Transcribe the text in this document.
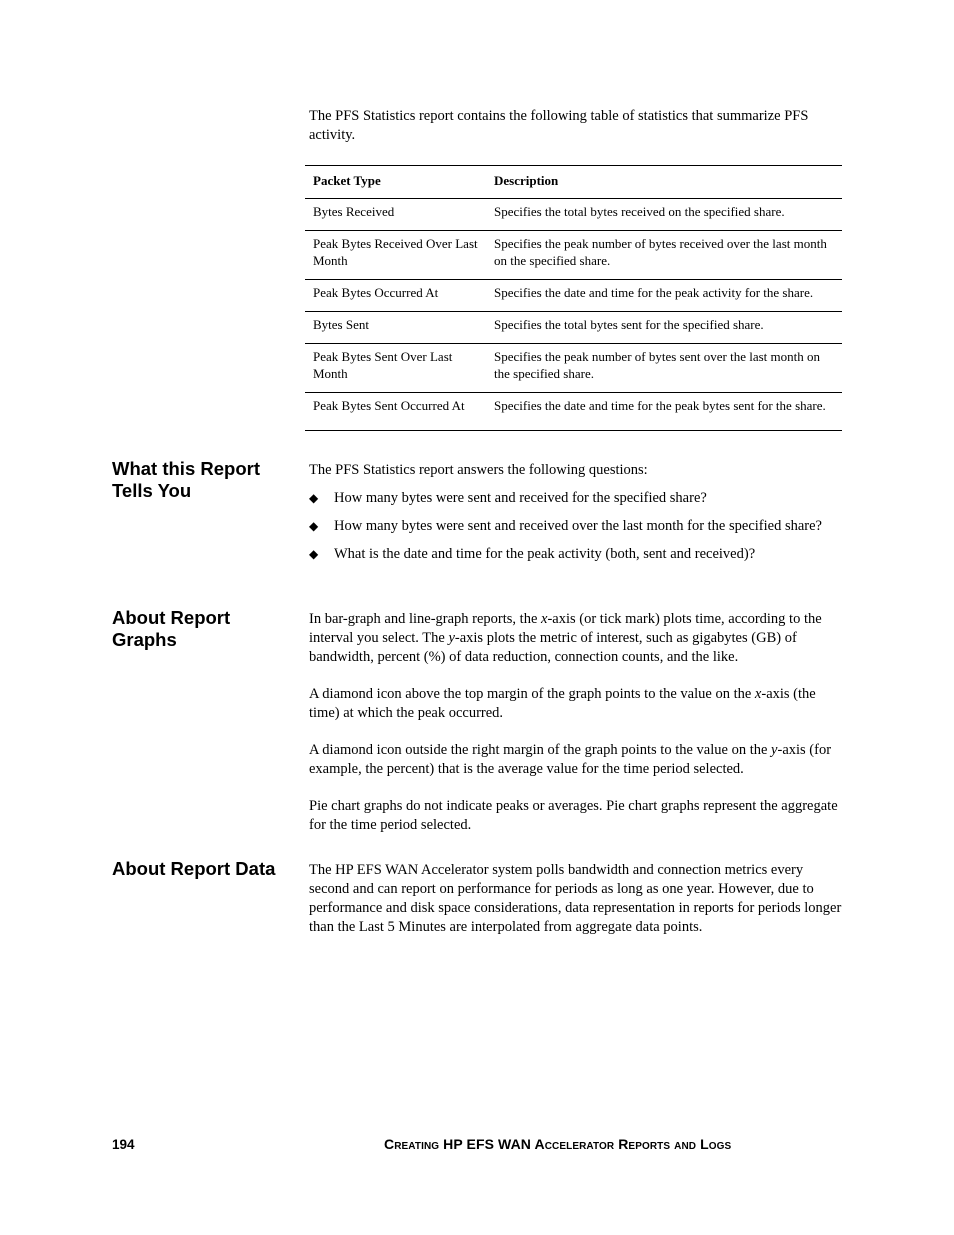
The PFS Statistics report contains the following table of statistics that summarize PFS activity.

Packet Type	Description
Bytes Received	Specifies the total bytes received on the specified share.
Peak Bytes Received Over Last Month	Specifies the peak number of bytes received over the last month on the specified share.
Peak Bytes Occurred At	Specifies the date and time for the peak activity for the share.
Bytes Sent	Specifies the total bytes sent for the specified share.
Peak Bytes Sent Over Last Month	Specifies the peak number of bytes sent over the last month on the specified share.
Peak Bytes Sent Occurred At	Specifies the date and time for the peak bytes sent for the share.
What this Report Tells You

The PFS Statistics report answers the following questions:

◆ How many bytes were sent and received for the specified share?
◆ How many bytes were sent and received over the last month for the specified share?
◆ What is the date and time for the peak activity (both, sent and received)?
About Report Graphs

In bar-graph and line-graph reports, the x-axis (or tick mark) plots time, according to the interval you select. The y-axis plots the metric of interest, such as gigabytes (GB) of bandwidth, percent (%) of data reduction, connection counts, and the like.

A diamond icon above the top margin of the graph points to the value on the x-axis (the time) at which the peak occurred.

A diamond icon outside the right margin of the graph points to the value on the y-axis (for example, the percent) that is the average value for the time period selected.

Pie chart graphs do not indicate peaks or averages. Pie chart graphs represent the aggregate for the time period selected.

About Report Data	The HP EFS WAN Accelerator system polls bandwidth and connection metrics every second and can report on performance for periods as long as one year. However, due to performance and disk space considerations, data representation in reports for periods longer than the Last 5 Minutes are interpolated from aggregate data points.

194	Creating HP EFS WAN Accelerator Reports and Logs
